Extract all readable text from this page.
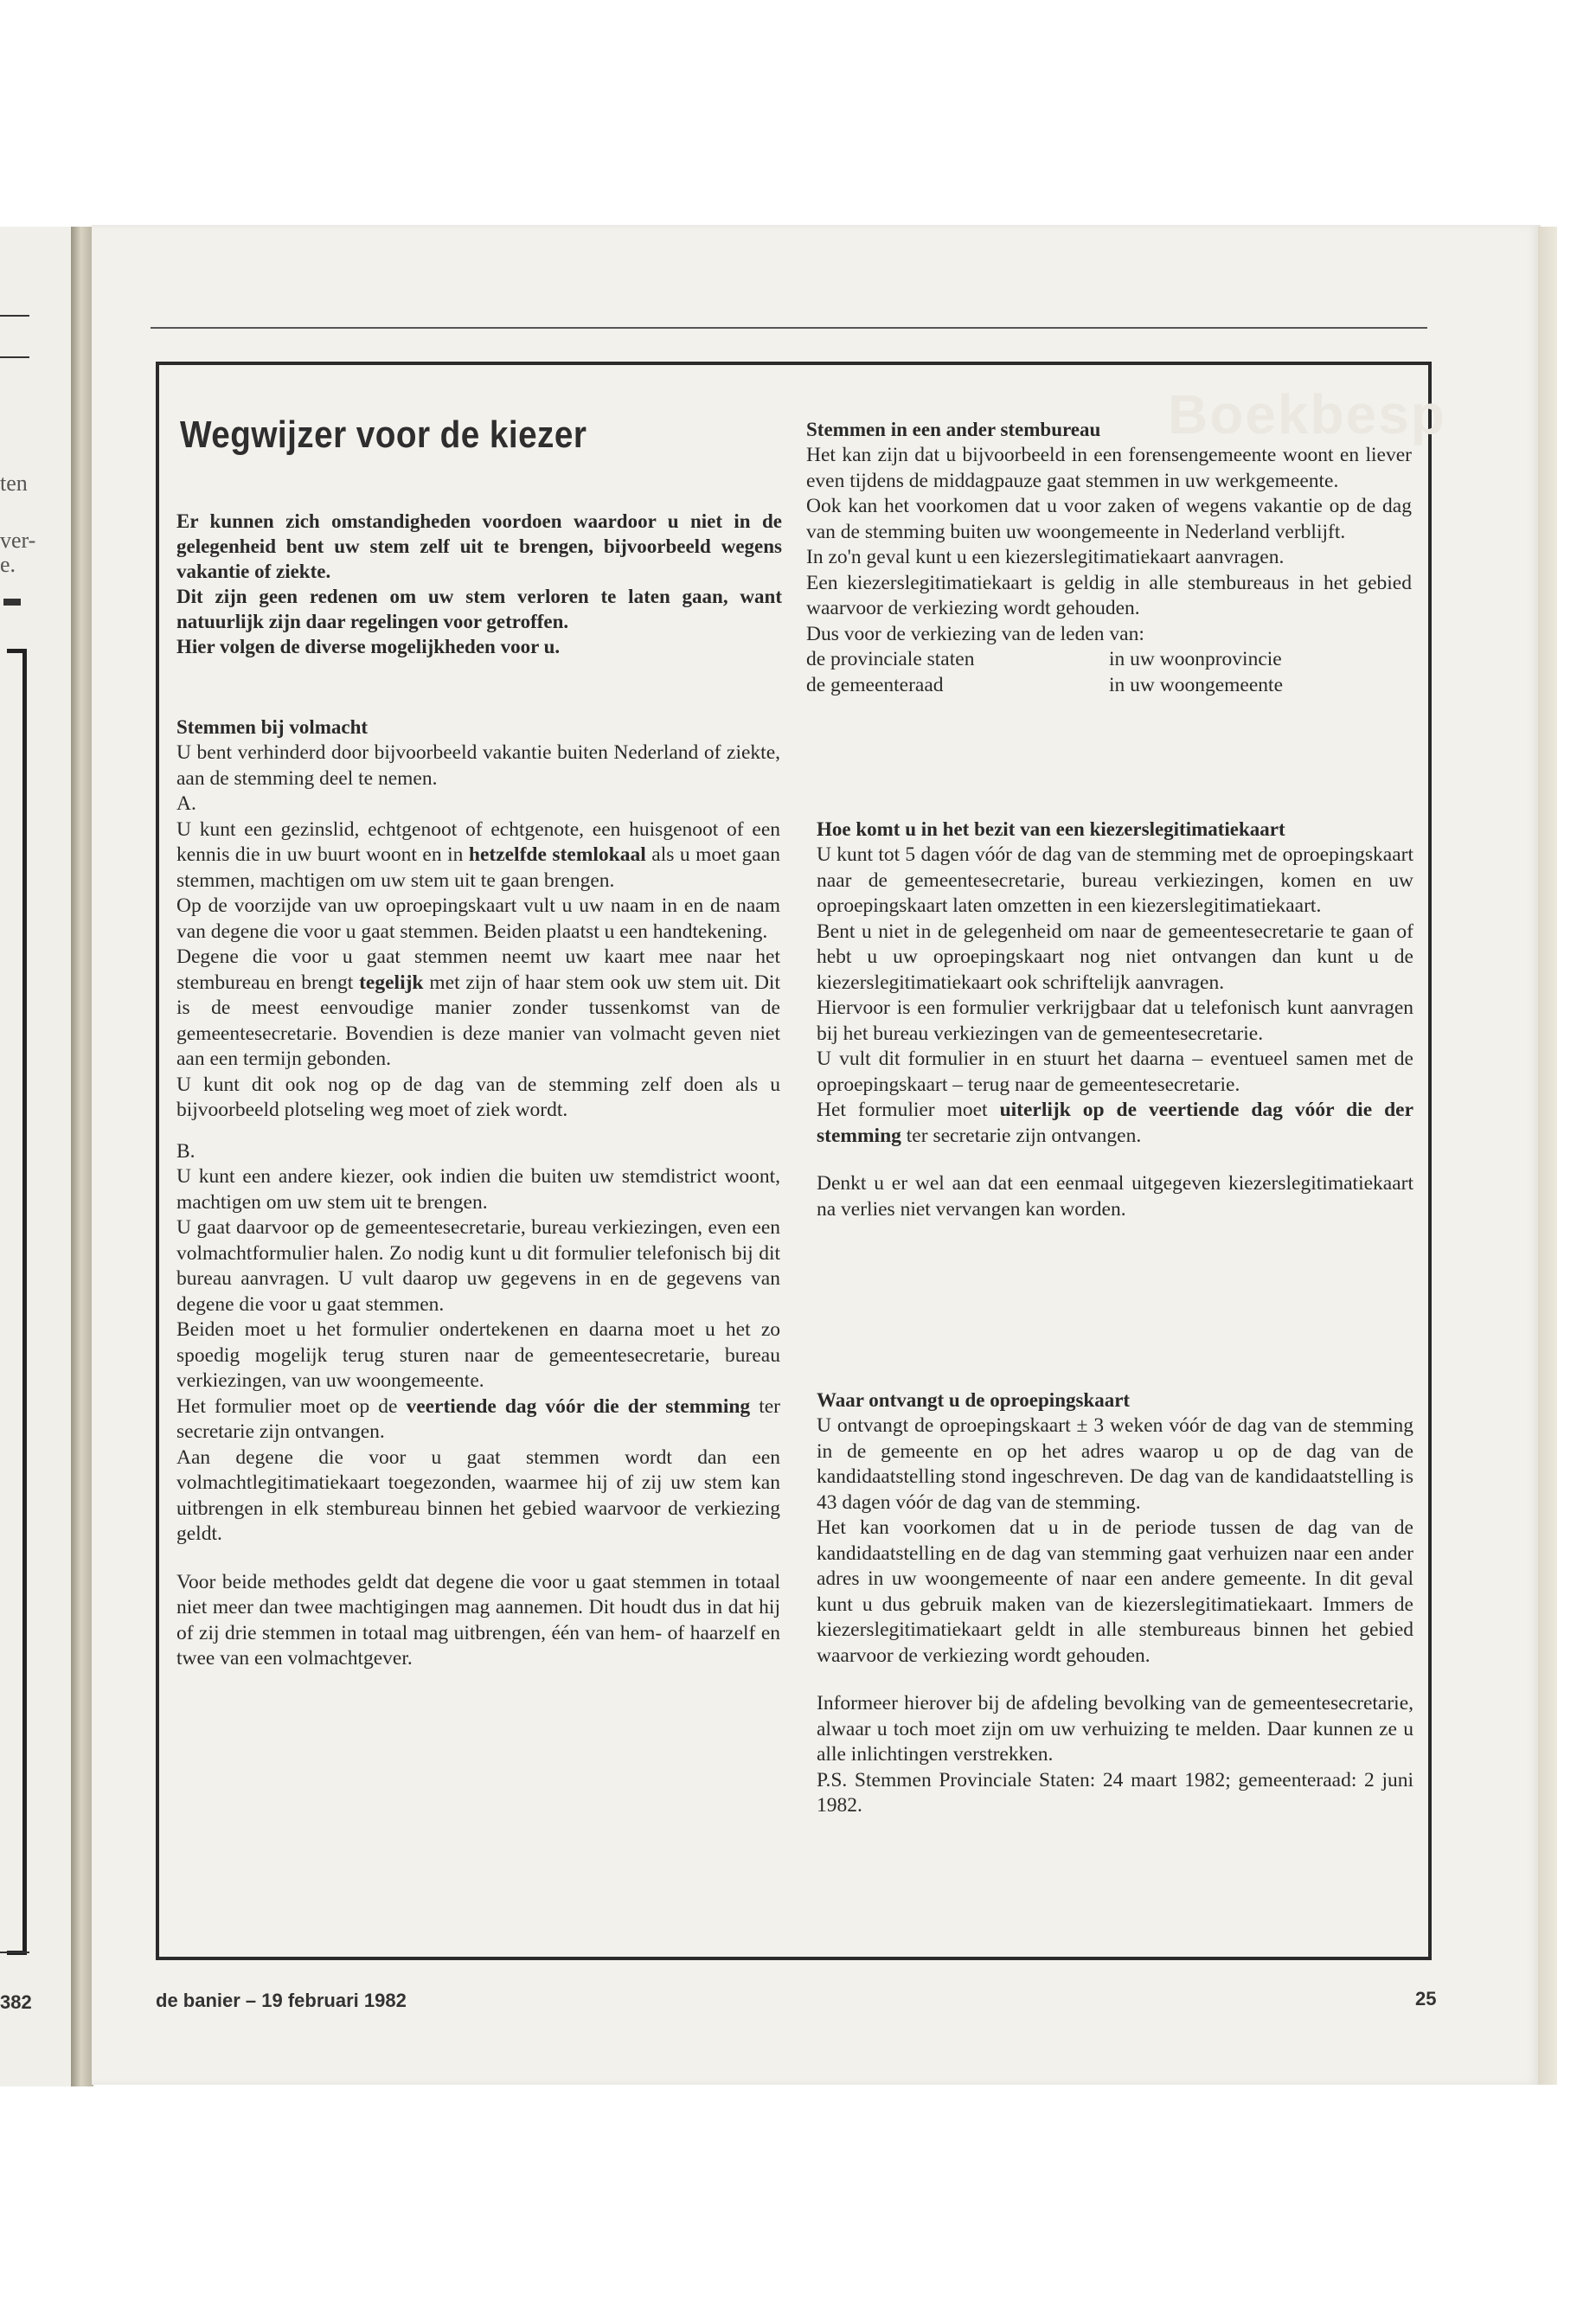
ten
ver-
e.
382
Boekbesp
Wegwijzer voor de kiezer

Er kunnen zich omstandigheden voordoen waardoor u niet in de gelegenheid bent uw stem zelf uit te brengen, bijvoorbeeld wegens vakantie of ziekte.

Dit zijn geen redenen om uw stem verloren te laten gaan, want natuurlijk zijn daar regelingen voor getroffen.

Hier volgen de diverse mogelijkheden voor u.

Stemmen bij volmacht

U bent verhinderd door bijvoorbeeld vakantie buiten Nederland of ziekte, aan de stemming deel te nemen.

A.

U kunt een gezinslid, echtgenoot of echtgenote, een huisgenoot of een kennis die in uw buurt woont en in hetzelfde stemlokaal als u moet gaan stemmen, machtigen om uw stem uit te gaan brengen.

Op de voorzijde van uw oproepingskaart vult u uw naam in en de naam van degene die voor u gaat stemmen. Beiden plaatst u een handtekening.

Degene die voor u gaat stemmen neemt uw kaart mee naar het stembureau en brengt tegelijk met zijn of haar stem ook uw stem uit. Dit is de meest eenvoudige manier zonder tussenkomst van de gemeentesecretarie. Bovendien is deze manier van volmacht geven niet aan een termijn gebonden.

U kunt dit ook nog op de dag van de stemming zelf doen als u bijvoorbeeld plotseling weg moet of ziek wordt.

B.

U kunt een andere kiezer, ook indien die buiten uw stemdistrict woont, machtigen om uw stem uit te brengen.

U gaat daarvoor op de gemeentesecretarie, bureau verkiezingen, even een volmachtformulier halen. Zo nodig kunt u dit formulier telefonisch bij dit bureau aanvragen. U vult daarop uw gegevens in en de gegevens van degene die voor u gaat stemmen.

Beiden moet u het formulier ondertekenen en daarna moet u het zo spoedig mogelijk terug sturen naar de gemeentesecretarie, bureau verkiezingen, van uw woongemeente.

Het formulier moet op de veertiende dag vóór die der stemming ter secretarie zijn ontvangen.

Aan degene die voor u gaat stemmen wordt dan een volmachtlegitimatiekaart toegezonden, waarmee hij of zij uw stem kan uitbrengen in elk stembureau binnen het gebied waarvoor de verkiezing geldt.

Voor beide methodes geldt dat degene die voor u gaat stemmen in totaal niet meer dan twee machtigingen mag aannemen. Dit houdt dus in dat hij of zij drie stemmen in totaal mag uitbrengen, één van hem- of haarzelf en twee van een volmachtgever.

Stemmen in een ander stembureau

Het kan zijn dat u bijvoorbeeld in een forensengemeente woont en liever even tijdens de middagpauze gaat stemmen in uw werkgemeente.

Ook kan het voorkomen dat u voor zaken of wegens vakantie op de dag van de stemming buiten uw woongemeente in Nederland verblijft.

In zo'n geval kunt u een kiezerslegitimatiekaart aanvragen.

Een kiezerslegitimatiekaart is geldig in alle stembureaus in het gebied waarvoor de verkiezing wordt gehouden.

Dus voor de verkiezing van de leden van:

de provinciale staten	in uw woonprovincie
de gemeenteraad	in uw woongemeente

Hoe komt u in het bezit van een kiezerslegitimatiekaart

U kunt tot 5 dagen vóór de dag van de stemming met de oproepingskaart naar de gemeentesecretarie, bureau verkiezingen, komen en uw oproepingskaart laten omzetten in een kiezerslegitimatiekaart.

Bent u niet in de gelegenheid om naar de gemeentesecretarie te gaan of hebt u uw oproepingskaart nog niet ontvangen dan kunt u de kiezerslegitimatiekaart ook schriftelijk aanvragen.

Hiervoor is een formulier verkrijgbaar dat u telefonisch kunt aanvragen bij het bureau verkiezingen van de gemeentesecretarie.

U vult dit formulier in en stuurt het daarna – eventueel samen met de oproepingskaart – terug naar de gemeentesecretarie.

Het formulier moet uiterlijk op de veertiende dag vóór die der stemming ter secretarie zijn ontvangen.

Denkt u er wel aan dat een eenmaal uitgegeven kiezerslegitimatiekaart na verlies niet vervangen kan worden.

Waar ontvangt u de oproepingskaart

U ontvangt de oproepingskaart ± 3 weken vóór de dag van de stemming in de gemeente en op het adres waarop u op de dag van de kandidaatstelling stond ingeschreven. De dag van de kandidaatstelling is 43 dagen vóór de dag van de stemming.

Het kan voorkomen dat u in de periode tussen de dag van de kandidaatstelling en de dag van stemming gaat verhuizen naar een ander adres in uw woongemeente of naar een andere gemeente. In dit geval kunt u dus gebruik maken van de kiezerslegitimatiekaart. Immers de kiezerslegitimatiekaart geldt in alle stembureaus binnen het gebied waarvoor de verkiezing wordt gehouden.

Informeer hierover bij de afdeling bevolking van de gemeentesecretarie, alwaar u toch moet zijn om uw verhuizing te melden. Daar kunnen ze u alle inlichtingen verstrekken.

P.S. Stemmen Provinciale Staten: 24 maart 1982; gemeenteraad: 2 juni 1982.

de banier – 19 februari 1982	25
